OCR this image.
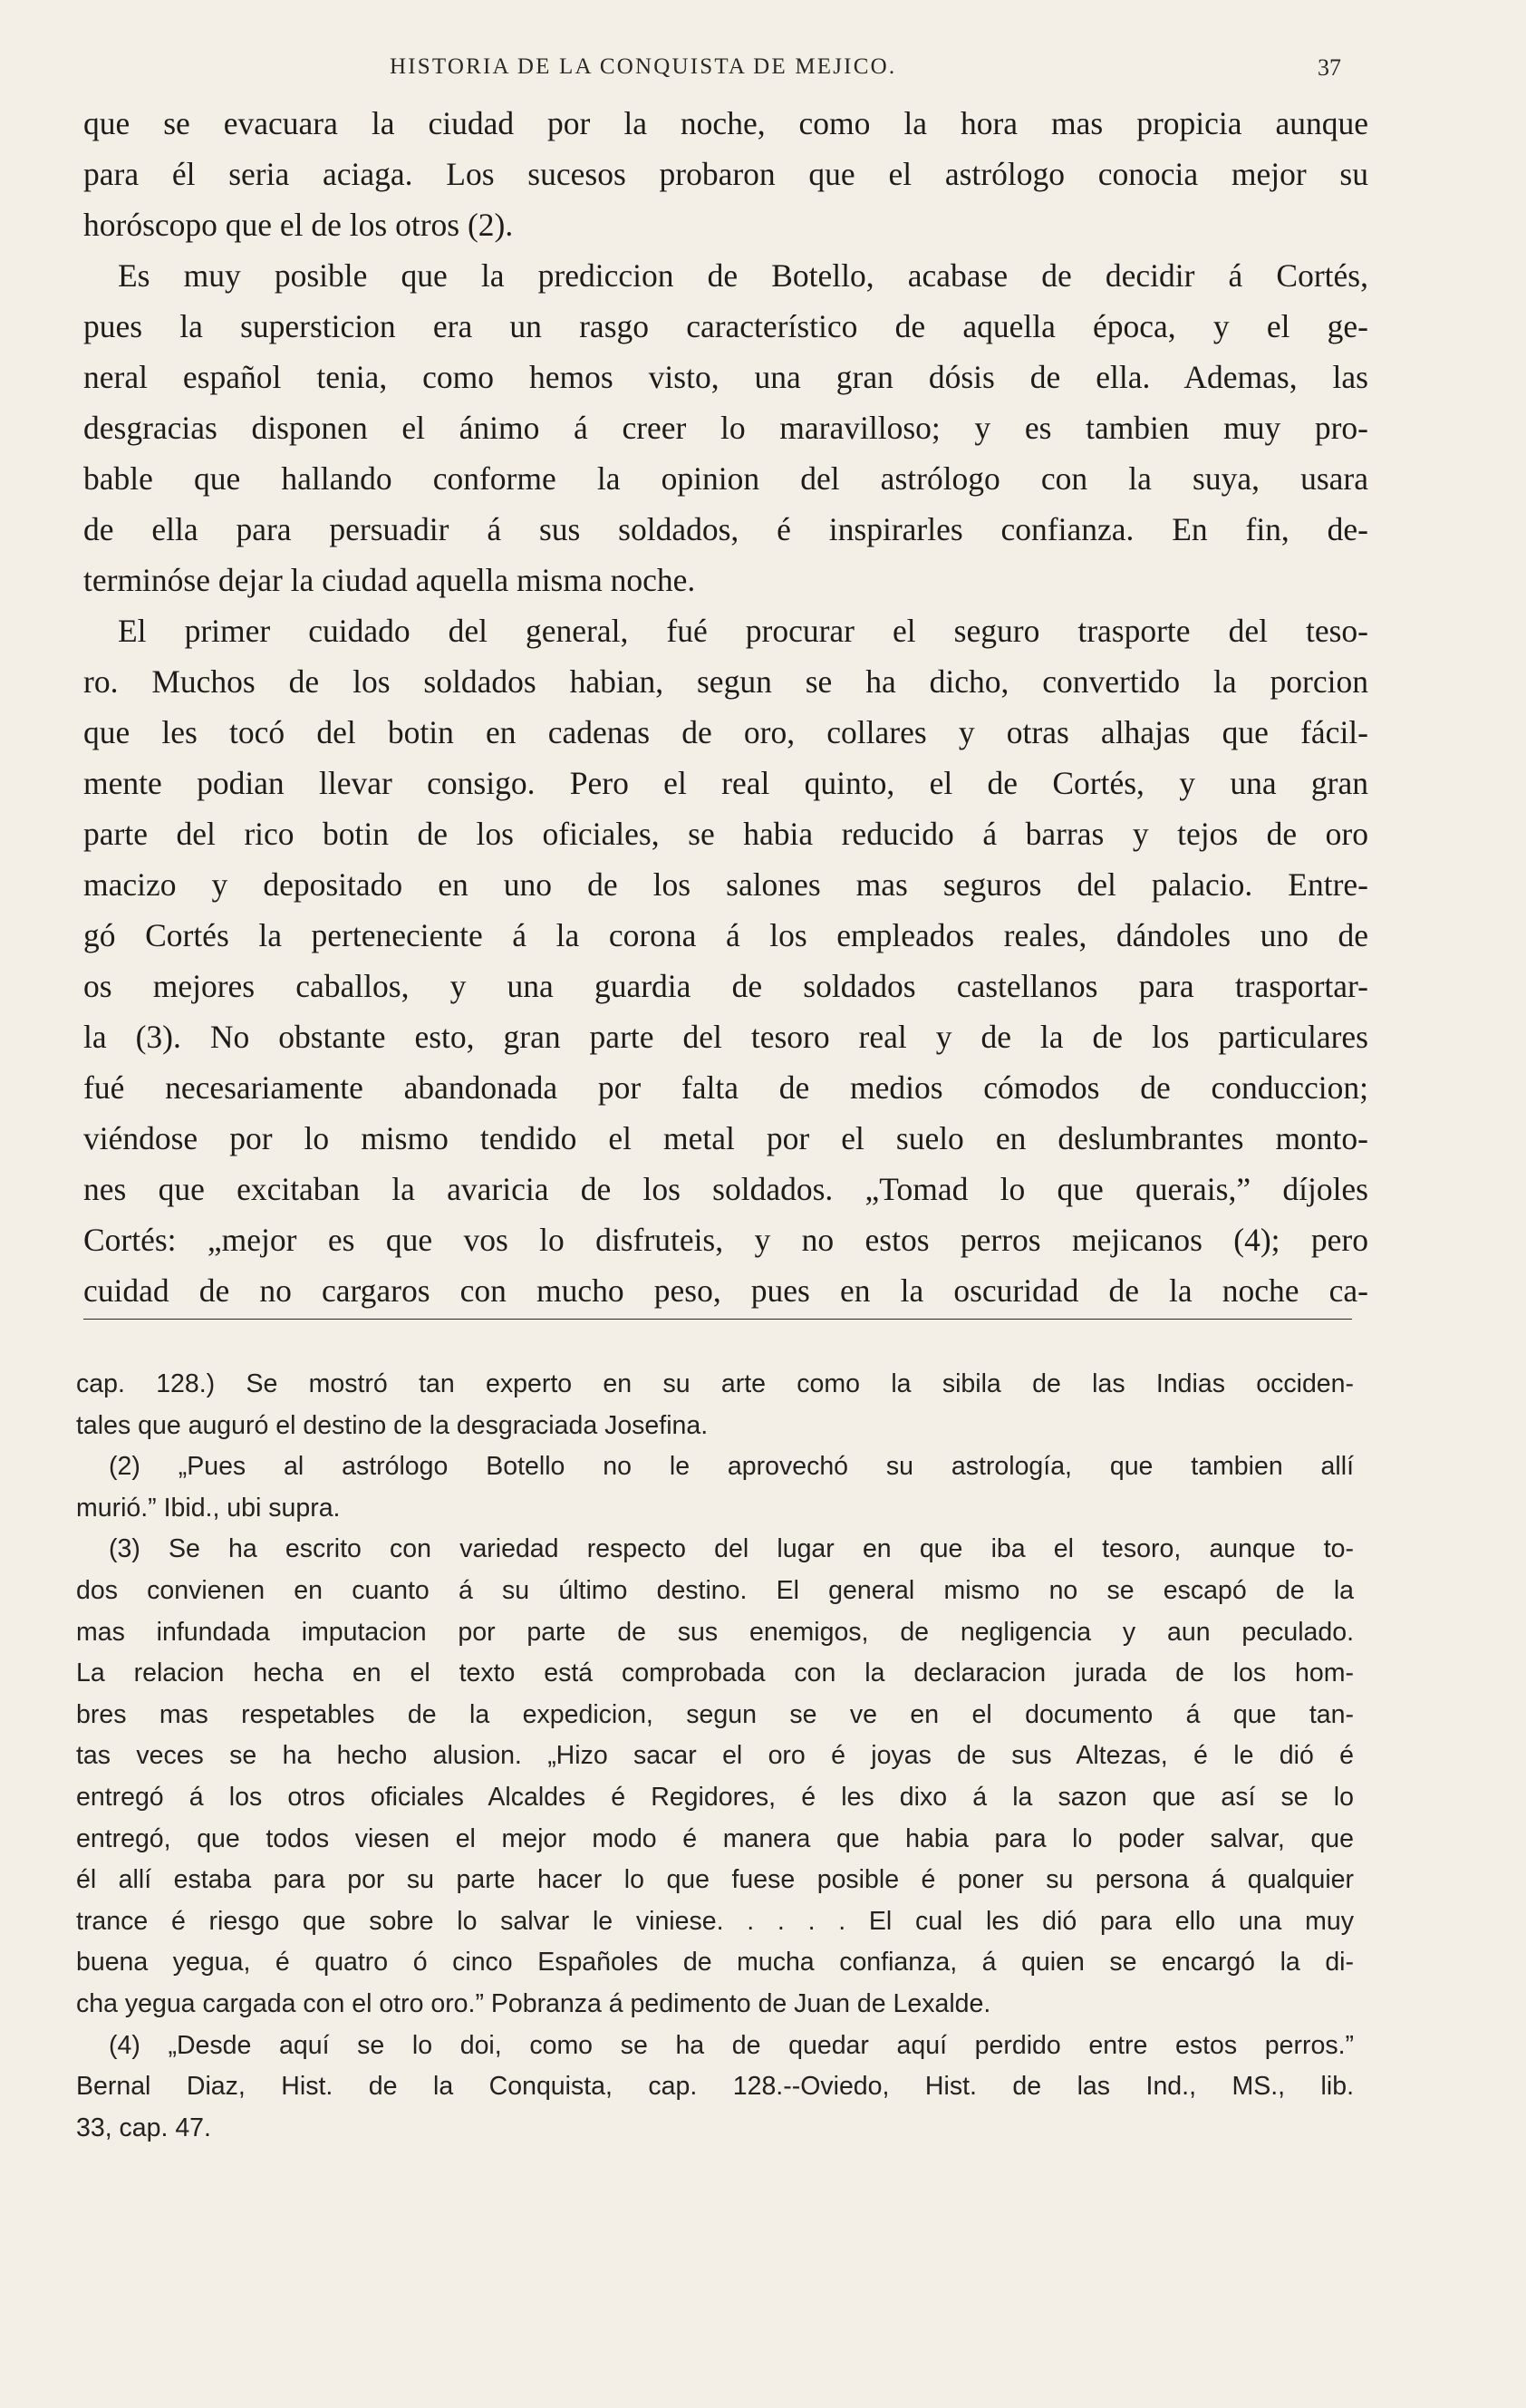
HISTORIA DE LA CONQUISTA DE MEJICO.	37
que se evacuara la ciudad por la noche, como la hora mas propicia aunque
para él seria aciaga. Los sucesos probaron que el astrólogo conocia mejor su
horóscopo que el de los otros (2).
Es muy posible que la prediccion de Botello, acabase de decidir á Cortés,
pues la supersticion era un rasgo característico de aquella época, y el ge-
neral español tenia, como hemos visto, una gran dósis de ella. Ademas, las
desgracias disponen el ánimo á creer lo maravilloso; y es tambien muy pro-
bable que hallando conforme la opinion del astrólogo con la suya, usara
de ella para persuadir á sus soldados, é inspirarles confianza. En fin, de-
terminóse dejar la ciudad aquella misma noche.
El primer cuidado del general, fué procurar el seguro trasporte del teso-
ro. Muchos de los soldados habian, segun se ha dicho, convertido la porcion
que les tocó del botin en cadenas de oro, collares y otras alhajas que fácil-
mente podian llevar consigo. Pero el real quinto, el de Cortés, y una gran
parte del rico botin de los oficiales, se habia reducido á barras y tejos de oro
macizo y depositado en uno de los salones mas seguros del palacio. Entre-
gó Cortés la perteneciente á la corona á los empleados reales, dándoles uno de
os mejores caballos, y una guardia de soldados castellanos para trasportar-
la (3). No obstante esto, gran parte del tesoro real y de la de los particulares
fué necesariamente abandonada por falta de medios cómodos de conduccion;
viéndose por lo mismo tendido el metal por el suelo en deslumbrantes monto-
nes que excitaban la avaricia de los soldados. „Tomad lo que querais,” díjoles
Cortés: „mejor es que vos lo disfruteis, y no estos perros mejicanos (4); pero
cuidad de no cargaros con mucho peso, pues en la oscuridad de la noche ca-
cap. 128.) Se mostró tan experto en su arte como la sibila de las Indias occiden-
tales que auguró el destino de la desgraciada Josefina.
(2) „Pues al astrólogo Botello no le aprovechó su astrología, que tambien allí
murió.” Ibid., ubi supra.
(3) Se ha escrito con variedad respecto del lugar en que iba el tesoro, aunque to-
dos convienen en cuanto á su último destino. El general mismo no se escapó de la
mas infundada imputacion por parte de sus enemigos, de negligencia y aun peculado.
La relacion hecha en el texto está comprobada con la declaracion jurada de los hom-
bres mas respetables de la expedicion, segun se ve en el documento á que tan-
tas veces se ha hecho alusion. „Hizo sacar el oro é joyas de sus Altezas, é le dió é
entregó á los otros oficiales Alcaldes é Regidores, é les dixo á la sazon que así se lo
entregó, que todos viesen el mejor modo é manera que habia para lo poder salvar, que
él allí estaba para por su parte hacer lo que fuese posible é poner su persona á qualquier
trance é riesgo que sobre lo salvar le viniese. . . . . El cual les dió para ello una muy
buena yegua, é quatro ó cinco Españoles de mucha confianza, á quien se encargó la di-
cha yegua cargada con el otro oro.” Pobranza á pedimento de Juan de Lexalde.
(4) „Desde aquí se lo doi, como se ha de quedar aquí perdido entre estos perros.”
Bernal Diaz, Hist. de la Conquista, cap. 128.--Oviedo, Hist. de las Ind., MS., lib.
33, cap. 47.
